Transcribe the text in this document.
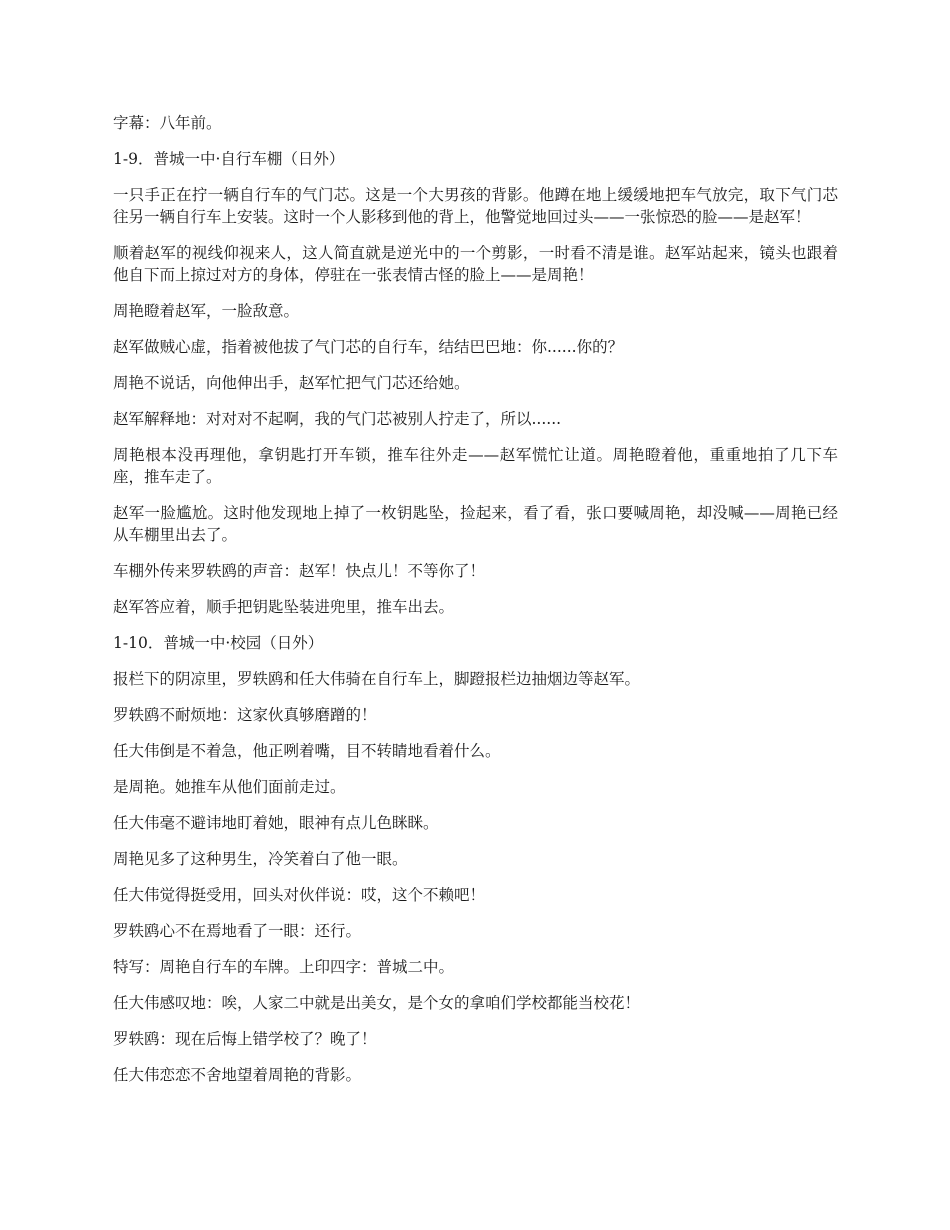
字幕：八年前。

1-9．普城一中·自行车棚（日外）

一只手正在拧一辆自行车的气门芯。这是一个大男孩的背影。他蹲在地上缓缓地把车气放完，取下气门芯往另一辆自行车上安装。这时一个人影移到他的背上，他警觉地回过头——一张惊恐的脸——是赵军！

顺着赵军的视线仰视来人，这人简直就是逆光中的一个剪影，一时看不清是谁。赵军站起来，镜头也跟着他自下而上掠过对方的身体，停驻在一张表情古怪的脸上——是周艳！

周艳瞪着赵军，一脸敌意。

赵军做贼心虚，指着被他拔了气门芯的自行车，结结巴巴地：你......你的？

周艳不说话，向他伸出手，赵军忙把气门芯还给她。

赵军解释地：对对对不起啊，我的气门芯被别人拧走了，所以......

周艳根本没再理他，拿钥匙打开车锁，推车往外走——赵军慌忙让道。周艳瞪着他，重重地拍了几下车座，推车走了。

赵军一脸尴尬。这时他发现地上掉了一枚钥匙坠，捡起来，看了看，张口要喊周艳，却没喊——周艳已经从车棚里出去了。

车棚外传来罗轶鸥的声音：赵军！快点儿！不等你了！

赵军答应着，顺手把钥匙坠装进兜里，推车出去。

1-10．普城一中·校园（日外）

报栏下的阴凉里，罗轶鸥和任大伟骑在自行车上，脚蹬报栏边抽烟边等赵军。

罗轶鸥不耐烦地：这家伙真够磨蹭的！

任大伟倒是不着急，他正咧着嘴，目不转睛地看着什么。

是周艳。她推车从他们面前走过。

任大伟毫不避讳地盯着她，眼神有点儿色眯眯。

周艳见多了这种男生，冷笑着白了他一眼。

任大伟觉得挺受用，回头对伙伴说：哎，这个不赖吧！

罗轶鸥心不在焉地看了一眼：还行。

特写：周艳自行车的车牌。上印四字：普城二中。

任大伟感叹地：唉，人家二中就是出美女，是个女的拿咱们学校都能当校花！

罗轶鸥：现在后悔上错学校了？晚了！

任大伟恋恋不舍地望着周艳的背影。
